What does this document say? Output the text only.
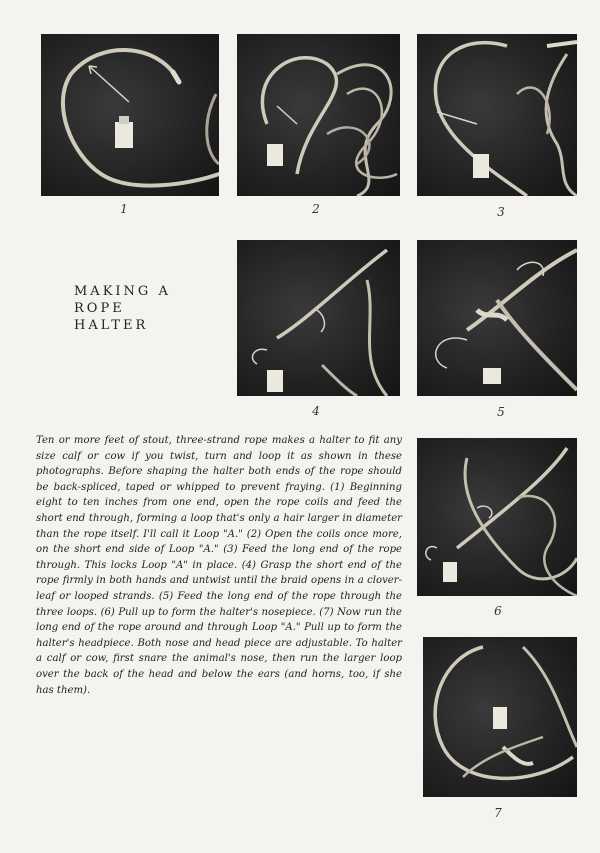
1	2	3
MAKING A
ROPE
HALTER
4	5

Ten or more feet of stout, three-strand rope makes a halter to fit any size calf or cow if you twist, turn and loop it as shown in these photographs. Before shaping the halter both ends of the rope should be back-spliced, taped or whipped to prevent fraying. (1) Beginning eight to ten inches from one end, open the rope coils and feed the short end through, forming a loop that's only a hair larger in diameter than the rope itself. I'll call it Loop "A." (2) Open the coils once more, on the short end side of Loop "A." (3) Feed the long end of the rope through. This locks Loop "A" in place. (4) Grasp the short end of the rope firmly in both hands and untwist until the braid opens in a clover-leaf or looped strands. (5) Feed the long end of the rope through the three loops. (6) Pull up to form the halter's nosepiece. (7) Now run the long end of the rope around and through Loop "A." Pull up to form the halter's headpiece. Both nose and head piece are adjustable. To halter a calf or cow, first snare the animal's nose, then run the larger loop over the back of the head and below the ears (and horns, too, if she has them).

6
7
